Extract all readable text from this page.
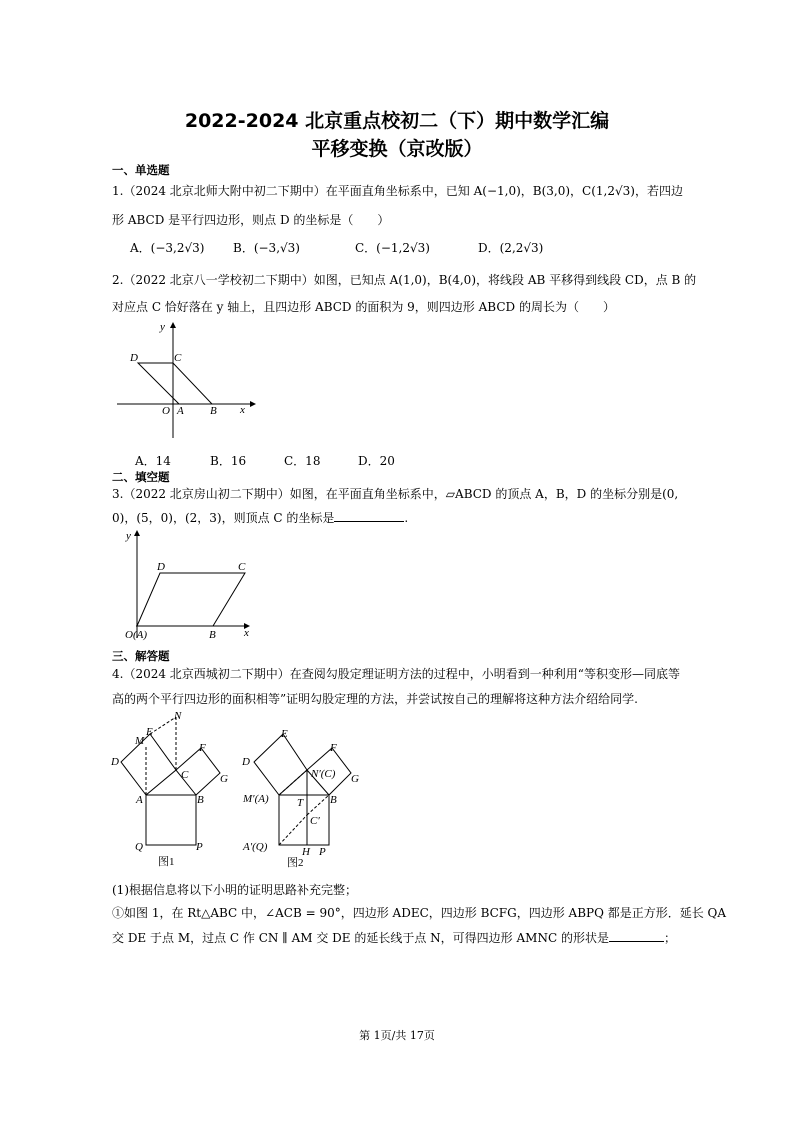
2022-2024 北京重点校初二（下）期中数学汇编
平移变换（京改版）
一、单选题
1.（2024 北京北师大附中初二下期中）在平面直角坐标系中，已知 A(−1,0)，B(3,0)，C(1,2√3)，若四边
形 ABCD 是平行四边形，则点 D 的坐标是（　　）
A．(−3,2√3) B．(−3,√3)	C．(−1,2√3)	D．(2,2√3)
2.（2022 北京八一学校初二下期中）如图，已知点 A(1,0)，B(4,0)，将线段 AB 平移得到线段 CD，点 B 的
对应点 C 恰好落在 y 轴上，且四边形 ABCD 的面积为 9，则四边形 ABCD 的周长为（　　）
y
x
D	C
O A B
A．14	B．16	C．18	D．20
二、填空题
3.（2022 北京房山初二下期中）如图，在平面直角坐标系中，▱ABCD 的顶点 A，B，D 的坐标分别是(0,
0)，(5，0)，(2，3)，则顶点 C 的坐标是	.
y
x
D	C
O(A)	B
三、解答题
4.（2024 北京西城初二下期中）在查阅勾股定理证明方法的过程中，小明看到一种利用“等积变形—同底等
高的两个平行四边形的面积相等”证明勾股定理的方法，并尝试按自己的理解将这种方法介绍给同学.
N
E
M
D
F
C	G
A	B
Q	P
图1
E
D
F
N′(C) G
M′(A)	T B
C′
A′(Q)	H P
图2
(1)根据信息将以下小明的证明思路补充完整；
①如图 1，在 Rt△ABC 中，∠ACB = 90°，四边形 ADEC，四边形 BCFG，四边形 ABPQ 都是正方形．延长 QA
交 DE 于点 M，过点 C 作 CN ∥ AM 交 DE 的延长线于点 N，可得四边形 AMNC 的形状是	；
第 1页/共 17页
